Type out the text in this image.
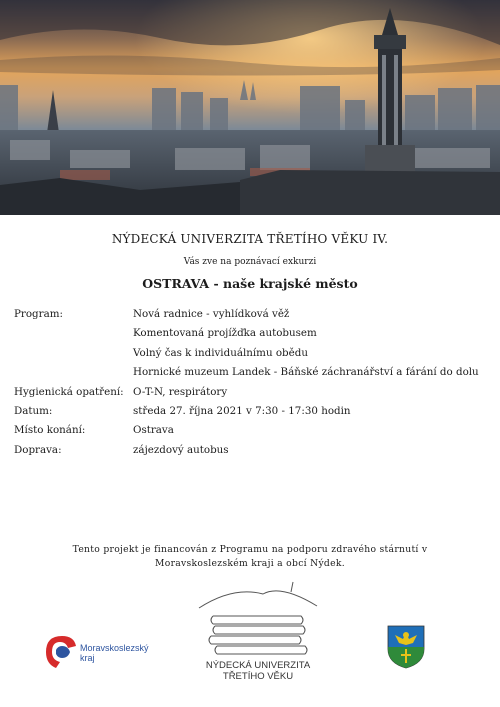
NÝDECKÁ UNIVERZITA TŘETÍHO VĚKU IV.
Vás zve na poznávací exkurzi
OSTRAVA - naše krajské město
Program:	Nová radnice - vyhlídková věž
Komentovaná projížďka autobusem
Volný čas k individuálnímu obědu
Hornické muzeum Landek - Báňské záchranářství a fárání do dolu
Hygienická opatření: O-T-N, respirátory
Datum:	středa 27. října 2021 v 7:30 - 17:30 hodin
Místo konání:	Ostrava
Doprava:	zájezdový autobus
Tento projekt je financován z Programu na podporu zdravého stárnutí v
Moravskoslezském kraji a obcí Nýdek.
Moravskoslezský
kraj
NÝDECKÁ UNIVERZITA
TŘETÍHO VĚKU
